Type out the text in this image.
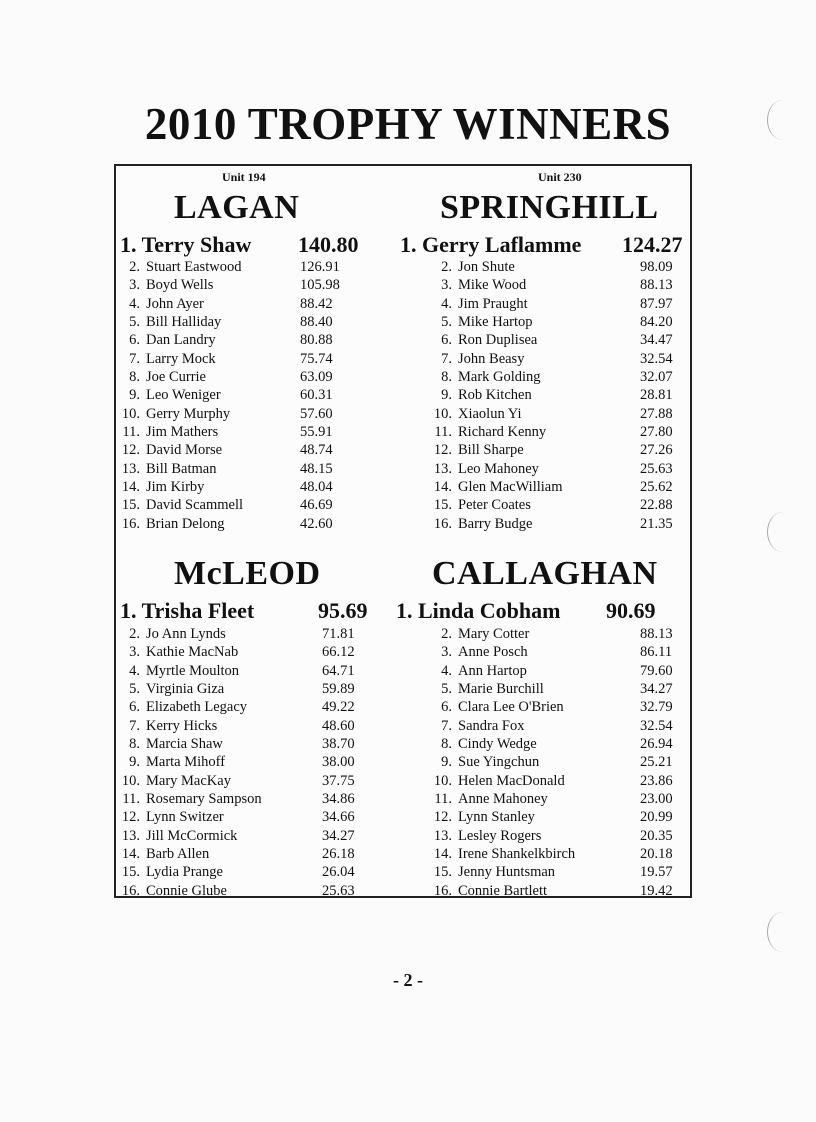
2010 TROPHY WINNERS
Unit 194
LAGAN
1. Terry Shaw 140.80
2. Stuart Eastwood	126.91
3. Boyd Wells	105.98
4. John Ayer	88.42
5. Bill Halliday	88.40
6. Dan Landry	80.88
7. Larry Mock	75.74
8. Joe Currie	63.09
9. Leo Weniger	60.31
10. Gerry Murphy	57.60
11. Jim Mathers	55.91
12. David Morse	48.74
13. Bill Batman	48.15
14. Jim Kirby	48.04
15. David Scammell	46.69
16. Brian Delong	42.60
Unit 230
SPRINGHILL
1. Gerry Laflamme 124.27
2. Jon Shute	98.09
3. Mike Wood	88.13
4. Jim Praught	87.97
5. Mike Hartop	84.20
6. Ron Duplisea	34.47
7. John Beasy	32.54
8. Mark Golding	32.07
9. Rob Kitchen	28.81
10. Xiaolun Yi	27.88
11. Richard Kenny	27.80
12. Bill Sharpe	27.26
13. Leo Mahoney	25.63
14. Glen MacWilliam	25.62
15. Peter Coates	22.88
16. Barry Budge	21.35
McLEOD
1. Trisha Fleet	95.69
2. Jo Ann Lynds	71.81
3. Kathie MacNab	66.12
4. Myrtle Moulton	64.71
5. Virginia Giza	59.89
6. Elizabeth Legacy	49.22
7. Kerry Hicks	48.60
8. Marcia Shaw	38.70
9. Marta Mihoff	38.00
10. Mary MacKay	37.75
11. Rosemary Sampson	34.86
12. Lynn Switzer	34.66
13. Jill McCormick	34.27
14. Barb Allen	26.18
15. Lydia Prange	26.04
16. Connie Glube	25.63
CALLAGHAN
1. Linda Cobham 90.69
2. Mary Cotter	88.13
3. Anne Posch	86.11
4. Ann Hartop	79.60
5. Marie Burchill	34.27
6. Clara Lee O'Brien	32.79
7. Sandra Fox	32.54
8. Cindy Wedge	26.94
9. Sue Yingchun	25.21
10. Helen MacDonald	23.86
11. Anne Mahoney	23.00
12. Lynn Stanley	20.99
13. Lesley Rogers	20.35
14. Irene Shankelkbirch	20.18
15. Jenny Huntsman	19.57
16. Connie Bartlett	19.42
- 2 -
